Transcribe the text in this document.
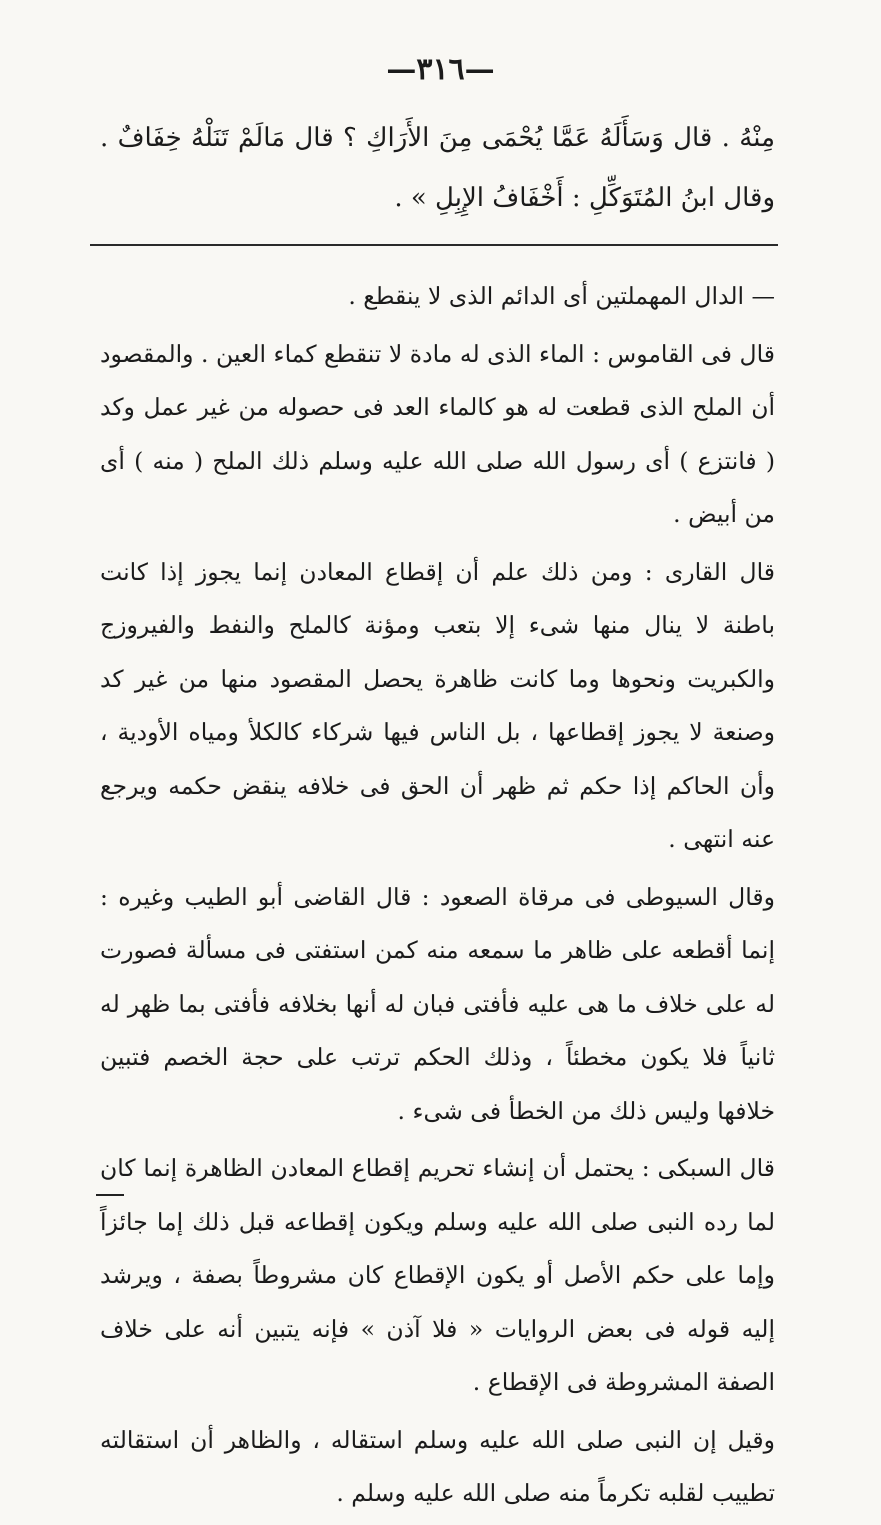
—٣١٦—
مِنْهُ . قال وَسَأَلَهُ عَمَّا يُحْمَى مِنَ الأَرَاكِ ؟ قال مَالَمْ تَنَلْهُ خِفَافٌ . وقال ابنُ المُتَوَكِّلِ : أَخْفَافُ الإِبِلِ » .

— الدال المهملتين أى الدائم الذى لا ينقطع .

قال فى القاموس : الماء الذى له مادة لا تنقطع كماء العين . والمقصود أن الملح الذى قطعت له هو كالماء العد فى حصوله من غير عمل وكد ( فانتزع ) أى رسول الله صلى الله عليه وسلم ذلك الملح ( منه ) أى من أبيض .

قال القارى : ومن ذلك علم أن إقطاع المعادن إنما يجوز إذا كانت باطنة لا ينال منها شىء إلا بتعب ومؤنة كالملح والنفط والفيروزج والكبريت ونحوها وما كانت ظاهرة يحصل المقصود منها من غير كد وصنعة لا يجوز إقطاعها ، بل الناس فيها شركاء كالكلأ ومياه الأودية ، وأن الحاكم إذا حكم ثم ظهر أن الحق فى خلافه ينقض حكمه ويرجع عنه انتهى .

وقال السيوطى فى مرقاة الصعود : قال القاضى أبو الطيب وغيره : إنما أقطعه على ظاهر ما سمعه منه كمن استفتى فى مسألة فصورت له على خلاف ما هى عليه فأفتى فبان له أنها بخلافه فأفتى بما ظهر له ثانياً فلا يكون مخطئاً ، وذلك الحكم ترتب على حجة الخصم فتبين خلافها وليس ذلك من الخطأ فى شىء .

قال السبكى : يحتمل أن إنشاء تحريم إقطاع المعادن الظاهرة إنما كان لما رده النبى صلى الله عليه وسلم ويكون إقطاعه قبل ذلك إما جائزاً وإما على حكم الأصل أو يكون الإقطاع كان مشروطاً بصفة ، ويرشد إليه قوله فى بعض الروايات « فلا آذن » فإنه يتبين أنه على خلاف الصفة المشروطة فى الإقطاع .

وقيل إن النبى صلى الله عليه وسلم استقاله ، والظاهر أن استقالته تطييب لقلبه تكرماً منه صلى الله عليه وسلم .
